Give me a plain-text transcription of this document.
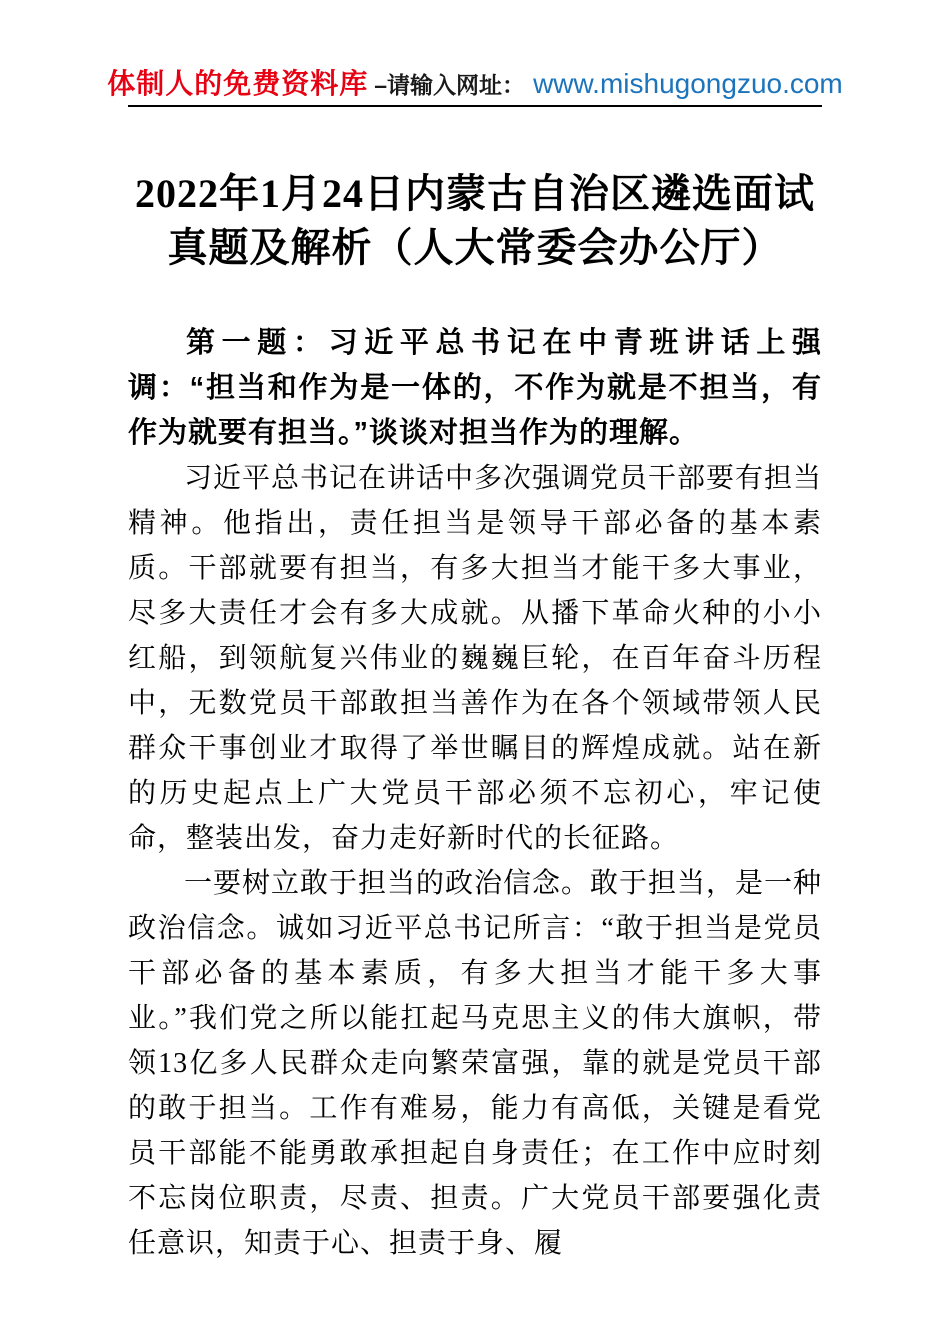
体制人的免费资料库 –请输入网址： www.mishugongzuo.com
2022年1月24日内蒙古自治区遴选面试真题及解析（人大常委会办公厅）

第一题：习近平总书记在中青班讲话上强调：“担当和作为是一体的，不作为就是不担当，有作为就要有担当。”谈谈对担当作为的理解。

习近平总书记在讲话中多次强调党员干部要有担当精神。他指出，责任担当是领导干部必备的基本素质。干部就要有担当，有多大担当才能干多大事业，尽多大责任才会有多大成就。从播下革命火种的小小红船，到领航复兴伟业的巍巍巨轮，在百年奋斗历程中，无数党员干部敢担当善作为在各个领域带领人民群众干事创业才取得了举世瞩目的辉煌成就。站在新的历史起点上广大党员干部必须不忘初心，牢记使命，整装出发，奋力走好新时代的长征路。

一要树立敢于担当的政治信念。敢于担当，是一种政治信念。诚如习近平总书记所言：“敢于担当是党员干部必备的基本素质，有多大担当才能干多大事业。”我们党之所以能扛起马克思主义的伟大旗帜，带领13亿多人民群众走向繁荣富强，靠的就是党员干部的敢于担当。工作有难易，能力有高低，关键是看党员干部能不能勇敢承担起自身责任；在工作中应时刻不忘岗位职责，尽责、担责。广大党员干部要强化责任意识，知责于心、担责于身、履
